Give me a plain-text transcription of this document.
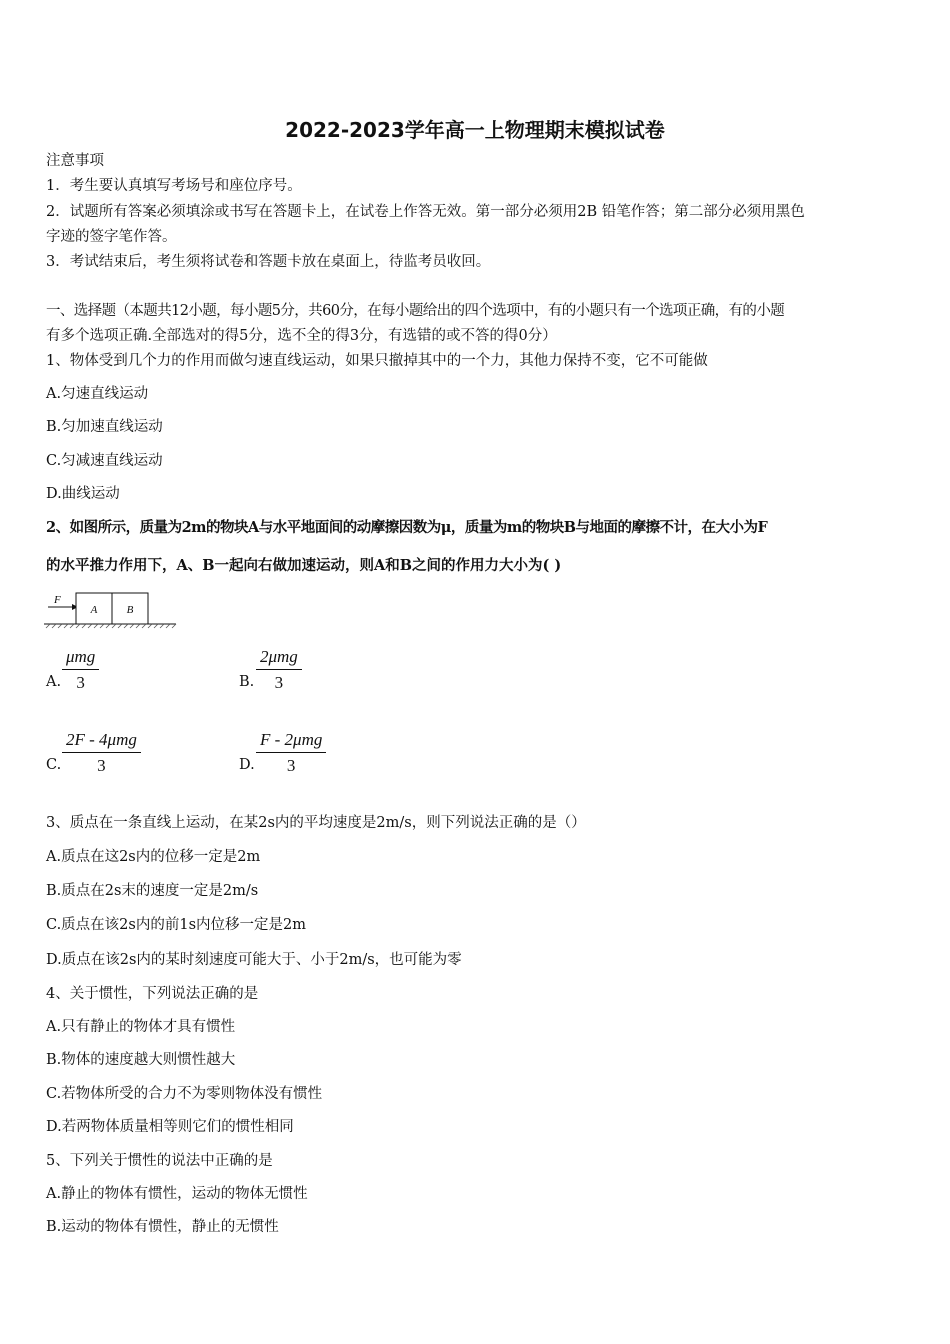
2022-2023学年高一上物理期末模拟试卷
注意事项
1．考生要认真填写考场号和座位序号。
2．试题所有答案必须填涂或书写在答题卡上，在试卷上作答无效。第一部分必须用2B 铅笔作答；第二部分必须用黑色
字迹的签字笔作答。
3．考试结束后，考生须将试卷和答题卡放在桌面上，待监考员收回。
一、选择题（本题共12小题，每小题5分，共60分，在每小题给出的四个选项中，有的小题只有一个选项正确，有的小题
有多个选项正确.全部选对的得5分，选不全的得3分，有选错的或不答的得0分）
1、物体受到几个力的作用而做匀速直线运动，如果只撤掉其中的一个力，其他力保持不变，它不可能做
A.匀速直线运动
B.匀加速直线运动
C.匀减速直线运动
D.曲线运动
2、如图所示，质量为2m的物块A与水平地面间的动摩擦因数为μ，质量为m的物块B与地面的摩擦不计，在大小为F
的水平推力作用下，A、B一起向右做加速运动，则A和B之间的作用力大小为( )
F
A	B
A.
μmg
3	B.
2μmg
3
C.
2F - 4μmg
3	D.
F - 2μmg
3
3、质点在一条直线上运动，在某2s内的平均速度是2m/s，则下列说法正确的是（）
A.质点在这2s内的位移一定是2m
B.质点在2s末的速度一定是2m/s
C.质点在该2s内的前1s内位移一定是2m
D.质点在该2s内的某时刻速度可能大于、小于2m/s，也可能为零
4、关于惯性，下列说法正确的是
A.只有静止的物体才具有惯性
B.物体的速度越大则惯性越大
C.若物体所受的合力不为零则物体没有惯性
D.若两物体质量相等则它们的惯性相同
5、下列关于惯性的说法中正确的是
A.静止的物体有惯性，运动的物体无惯性
B.运动的物体有惯性，静止的无惯性
